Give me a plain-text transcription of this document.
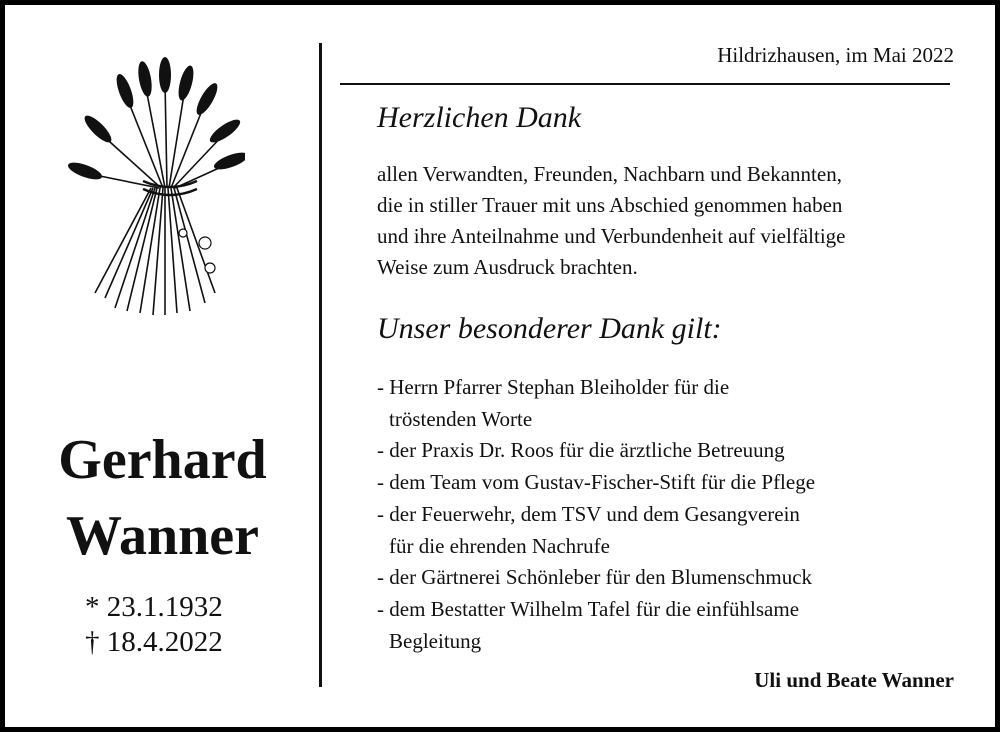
Gerhard
Wanner
* 23.1.1932
† 18.4.2022
Hildrizhausen, im Mai 2022
Herzlichen Dank
allen Verwandten, Freunden, Nachbarn und Bekannten,
die in stiller Trauer mit uns Abschied genommen haben
und ihre Anteilnahme und Verbundenheit auf vielfältige
Weise zum Ausdruck brachten.
Unser besonderer Dank gilt:
- Herrn Pfarrer Stephan Bleiholder für die
tröstenden Worte
- der Praxis Dr. Roos für die ärztliche Betreuung
- dem Team vom Gustav-Fischer-Stift für die Pflege
- der Feuerwehr, dem TSV und dem Gesangverein
für die ehrenden Nachrufe
- der Gärtnerei Schönleber für den Blumenschmuck
- dem Bestatter Wilhelm Tafel für die einfühlsame
Begleitung
Uli und Beate Wanner
